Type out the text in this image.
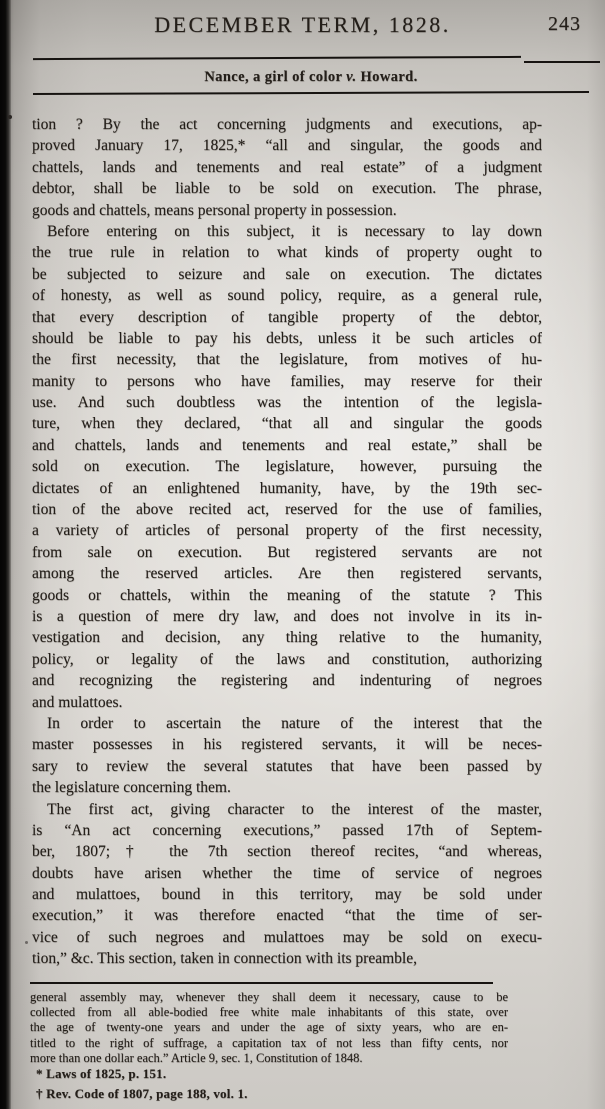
DECEMBER TERM, 1828.	243
Nance, a girl of color v. Howard.
tion ? By the act concerning judgments and executions, ap-
proved January 17, 1825,* “all and singular, the goods and
chattels, lands and tenements and real estate” of a judgment
debtor, shall be liable to be sold on execution. The phrase,
goods and chattels, means personal property in possession.
Before entering on this subject, it is necessary to lay down
the true rule in relation to what kinds of property ought to
be subjected to seizure and sale on execution. The dictates
of honesty, as well as sound policy, require, as a general rule,
that every description of tangible property of the debtor,
should be liable to pay his debts, unless it be such articles of
the first necessity, that the legislature, from motives of hu-
manity to persons who have families, may reserve for their
use. And such doubtless was the intention of the legisla-
ture, when they declared, “that all and singular the goods
and chattels, lands and tenements and real estate,” shall be
sold on execution. The legislature, however, pursuing the
dictates of an enlightened humanity, have, by the 19th sec-
tion of the above recited act, reserved for the use of families,
a variety of articles of personal property of the first necessity,
from sale on execution. But registered servants are not
among the reserved articles. Are then registered servants,
goods or chattels, within the meaning of the statute ? This
is a question of mere dry law, and does not involve in its in-
vestigation and decision, any thing relative to the humanity,
policy, or legality of the laws and constitution, authorizing
and recognizing the registering and indenturing of negroes
and mulattoes.
In order to ascertain the nature of the interest that the
master possesses in his registered servants, it will be neces-
sary to review the several statutes that have been passed by
the legislature concerning them.
The first act, giving character to the interest of the master,
is “An act concerning executions,” passed 17th of Septem-
ber, 1807;† the 7th section thereof recites, “and whereas,
doubts have arisen whether the time of service of negroes
and mulattoes, bound in this territory, may be sold under
execution,” it was therefore enacted “that the time of ser-
vice of such negroes and mulattoes may be sold on execu-
tion,” &c. This section, taken in connection with its preamble,
general assembly may, whenever they shall deem it necessary, cause to be
collected from all able-bodied free white male inhabitants of this state, over
the age of twenty-one years and under the age of sixty years, who are en-
titled to the right of suffrage, a capitation tax of not less than fifty cents, nor
more than one dollar each.” Article 9, sec. 1, Constitution of 1848.
* Laws of 1825, p. 151.
† Rev. Code of 1807, page 188, vol. 1.
